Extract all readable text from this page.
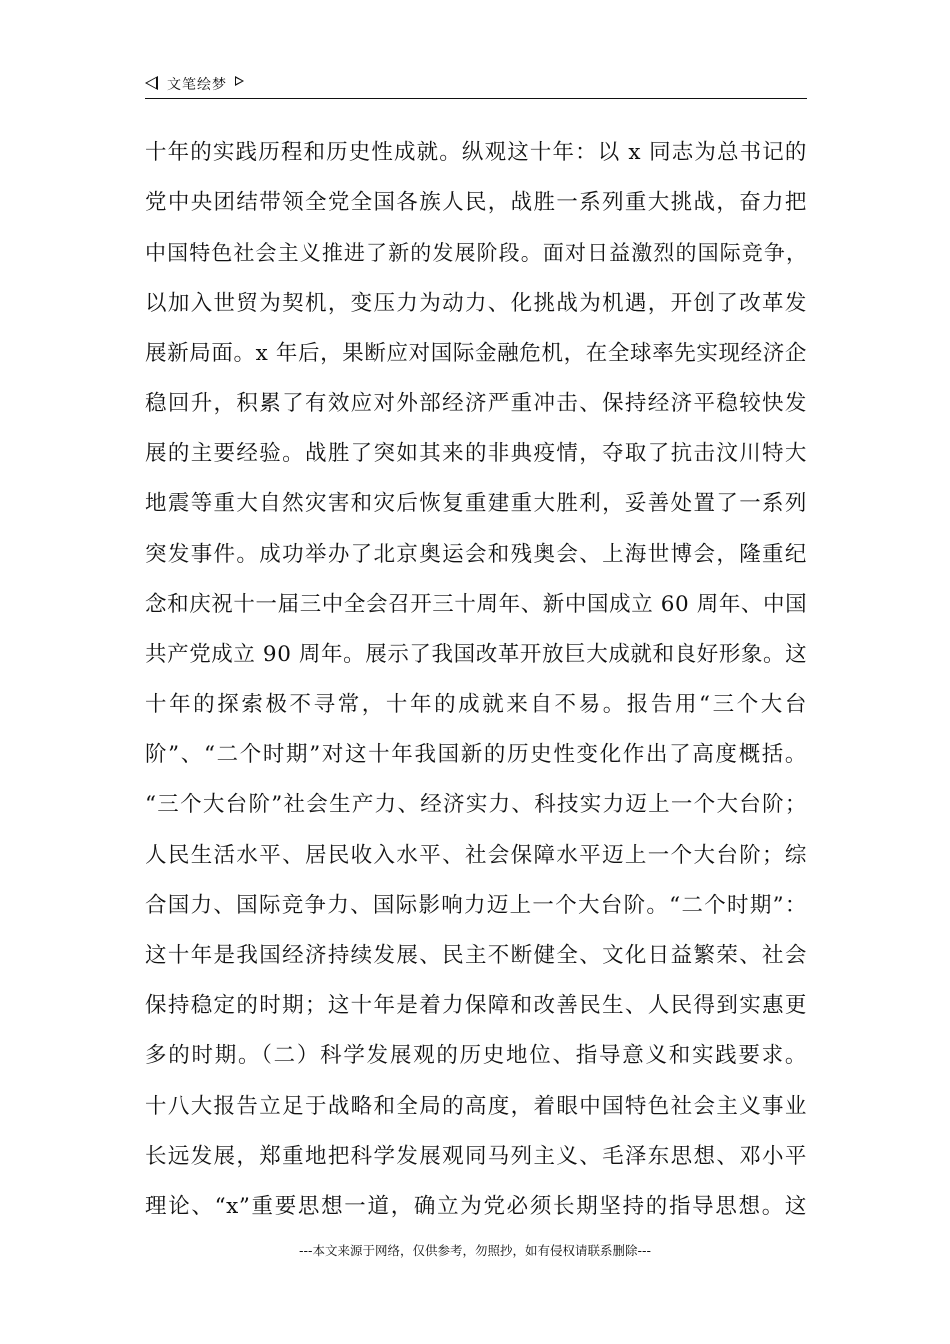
文笔绘梦
十年的实践历程和历史性成就。纵观这十年：以 x 同志为总书记的
党中央团结带领全党全国各族人民，战胜一系列重大挑战，奋力把
中国特色社会主义推进了新的发展阶段。面对日益激烈的国际竞争，
以加入世贸为契机，变压力为动力、化挑战为机遇，开创了改革发
展新局面。x 年后，果断应对国际金融危机，在全球率先实现经济企
稳回升，积累了有效应对外部经济严重冲击、保持经济平稳较快发
展的主要经验。战胜了突如其来的非典疫情，夺取了抗击汶川特大
地震等重大自然灾害和灾后恢复重建重大胜利，妥善处置了一系列
突发事件。成功举办了北京奥运会和残奥会、上海世博会，隆重纪
念和庆祝十一届三中全会召开三十周年、新中国成立 60 周年、中国
共产党成立 90 周年。展示了我国改革开放巨大成就和良好形象。这
十年的探索极不寻常，十年的成就来自不易。报告用“三个大台
阶”、“二个时期”对这十年我国新的历史性变化作出了高度概括。
“三个大台阶”社会生产力、经济实力、科技实力迈上一个大台阶；
人民生活水平、居民收入水平、社会保障水平迈上一个大台阶；综
合国力、国际竞争力、国际影响力迈上一个大台阶。“二个时期”：
这十年是我国经济持续发展、民主不断健全、文化日益繁荣、社会
保持稳定的时期；这十年是着力保障和改善民生、人民得到实惠更
多的时期。（二）科学发展观的历史地位、指导意义和实践要求。
十八大报告立足于战略和全局的高度，着眼中国特色社会主义事业
长远发展，郑重地把科学发展观同马列主义、毛泽东思想、邓小平
理论、“x”重要思想一道，确立为党必须长期坚持的指导思想。这
---本文来源于网络，仅供参考，勿照抄，如有侵权请联系删除---
